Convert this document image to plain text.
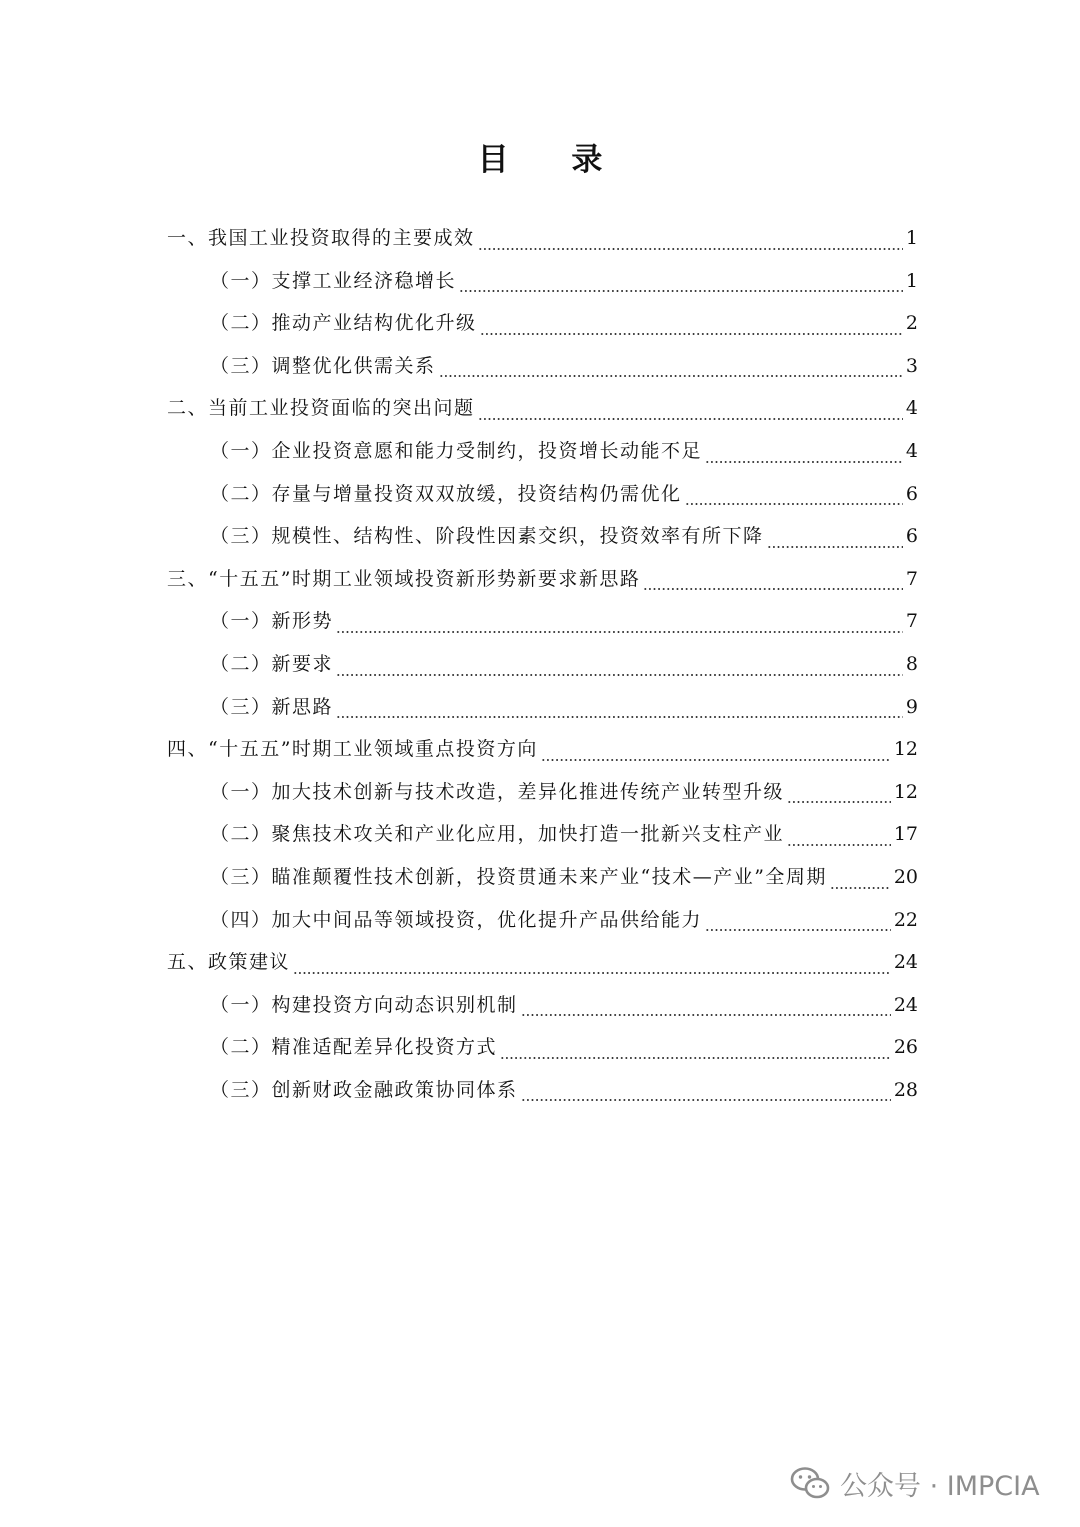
目 录
一、我国工业投资取得的主要成效	1
（一）支撑工业经济稳增长	1
（二）推动产业结构优化升级	2
（三）调整优化供需关系	3
二、当前工业投资面临的突出问题	4
（一）企业投资意愿和能力受制约，投资增长动能不足	4
（二）存量与增量投资双双放缓，投资结构仍需优化	6
（三）规模性、结构性、阶段性因素交织，投资效率有所下降	6
三、“十五五”时期工业领域投资新形势新要求新思路	7
（一）新形势	7
（二）新要求	8
（三）新思路	9
四、“十五五”时期工业领域重点投资方向	12
（一）加大技术创新与技术改造，差异化推进传统产业转型升级	12
（二）聚焦技术攻关和产业化应用，加快打造一批新兴支柱产业	17
（三）瞄准颠覆性技术创新，投资贯通未来产业“技术—产业”全周期	20
（四）加大中间品等领域投资，优化提升产品供给能力	22
五、政策建议	24
（一）构建投资方向动态识别机制	24
（二）精准适配差异化投资方式	26
（三）创新财政金融政策协同体系	28
公众号 · IMPCIA
